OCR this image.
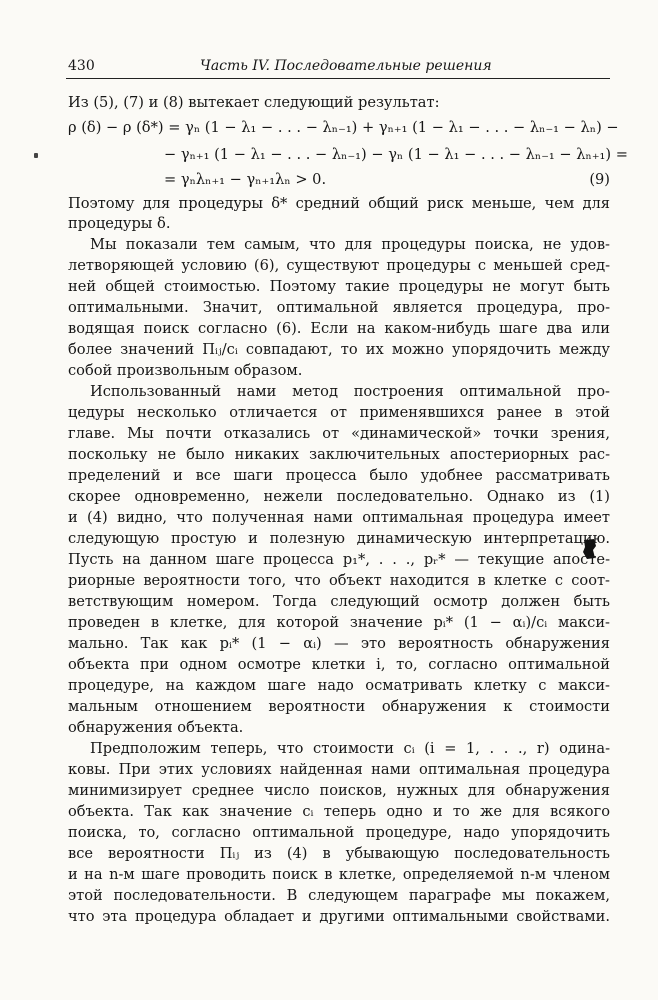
430	Часть IV. Последовательные решения
Из (5), (7) и (8) вытекает следующий результат:
ρ (δ) − ρ (δ*) = γₙ (1 − λ₁ − . . . − λₙ₋₁) + γₙ₊₁ (1 − λ₁ − . . . − λₙ₋₁ − λₙ) −
− γₙ₊₁ (1 − λ₁ − . . . − λₙ₋₁) − γₙ (1 − λ₁ − . . . − λₙ₋₁ − λₙ₊₁) =
= γₙλₙ₊₁ − γₙ₊₁λₙ > 0.	(9)
Поэтому для процедуры δ* средний общий риск меньше, чем для
процедуры δ.
Мы показали тем самым, что для процедуры поиска, не удов-
летворяющей условию (6), существуют процедуры с меньшей сред-
ней общей стоимостью. Поэтому такие процедуры не могут быть
оптимальными. Значит, оптимальной является процедура, про-
водящая поиск согласно (6). Если на каком-нибудь шаге два или
более значений Πᵢⱼ/cᵢ совпадают, то их можно упорядочить между
собой произвольным образом.
Использованный нами метод построения оптимальной про-
цедуры несколько отличается от применявшихся ранее в этой
главе. Мы почти отказались от «динамической» точки зрения,
поскольку не было никаких заключительных апостериорных рас-
пределений и все шаги процесса было удобнее рассматривать
скорее одновременно, нежели последовательно. Однако из (1)
и (4) видно, что полученная нами оптимальная процедура имеет
следующую простую и полезную динамическую интерпретацию.
Пусть на данном шаге процесса p₁*, . . ., pᵣ* — текущие апосте-
риорные вероятности того, что объект находится в клетке с соот-
ветствующим номером. Тогда следующий осмотр должен быть
проведен в клетке, для которой значение pᵢ* (1 − αᵢ)/cᵢ макси-
мально. Так как pᵢ* (1 − αᵢ) — это вероятность обнаружения
объекта при одном осмотре клетки i, то, согласно оптимальной
процедуре, на каждом шаге надо осматривать клетку с макси-
мальным отношением вероятности обнаружения к стоимости
обнаружения объекта.
Предположим теперь, что стоимости cᵢ (i = 1, . . ., r) одина-
ковы. При этих условиях найденная нами оптимальная процедура
минимизирует среднее число поисков, нужных для обнаружения
объекта. Так как значение cᵢ теперь одно и то же для всякого
поиска, то, согласно оптимальной процедуре, надо упорядочить
все вероятности Πᵢⱼ из (4) в убывающую последовательность
и на n-м шаге проводить поиск в клетке, определяемой n-м членом
этой последовательности. В следующем параграфе мы покажем,
что эта процедура обладает и другими оптимальными свойствами.
